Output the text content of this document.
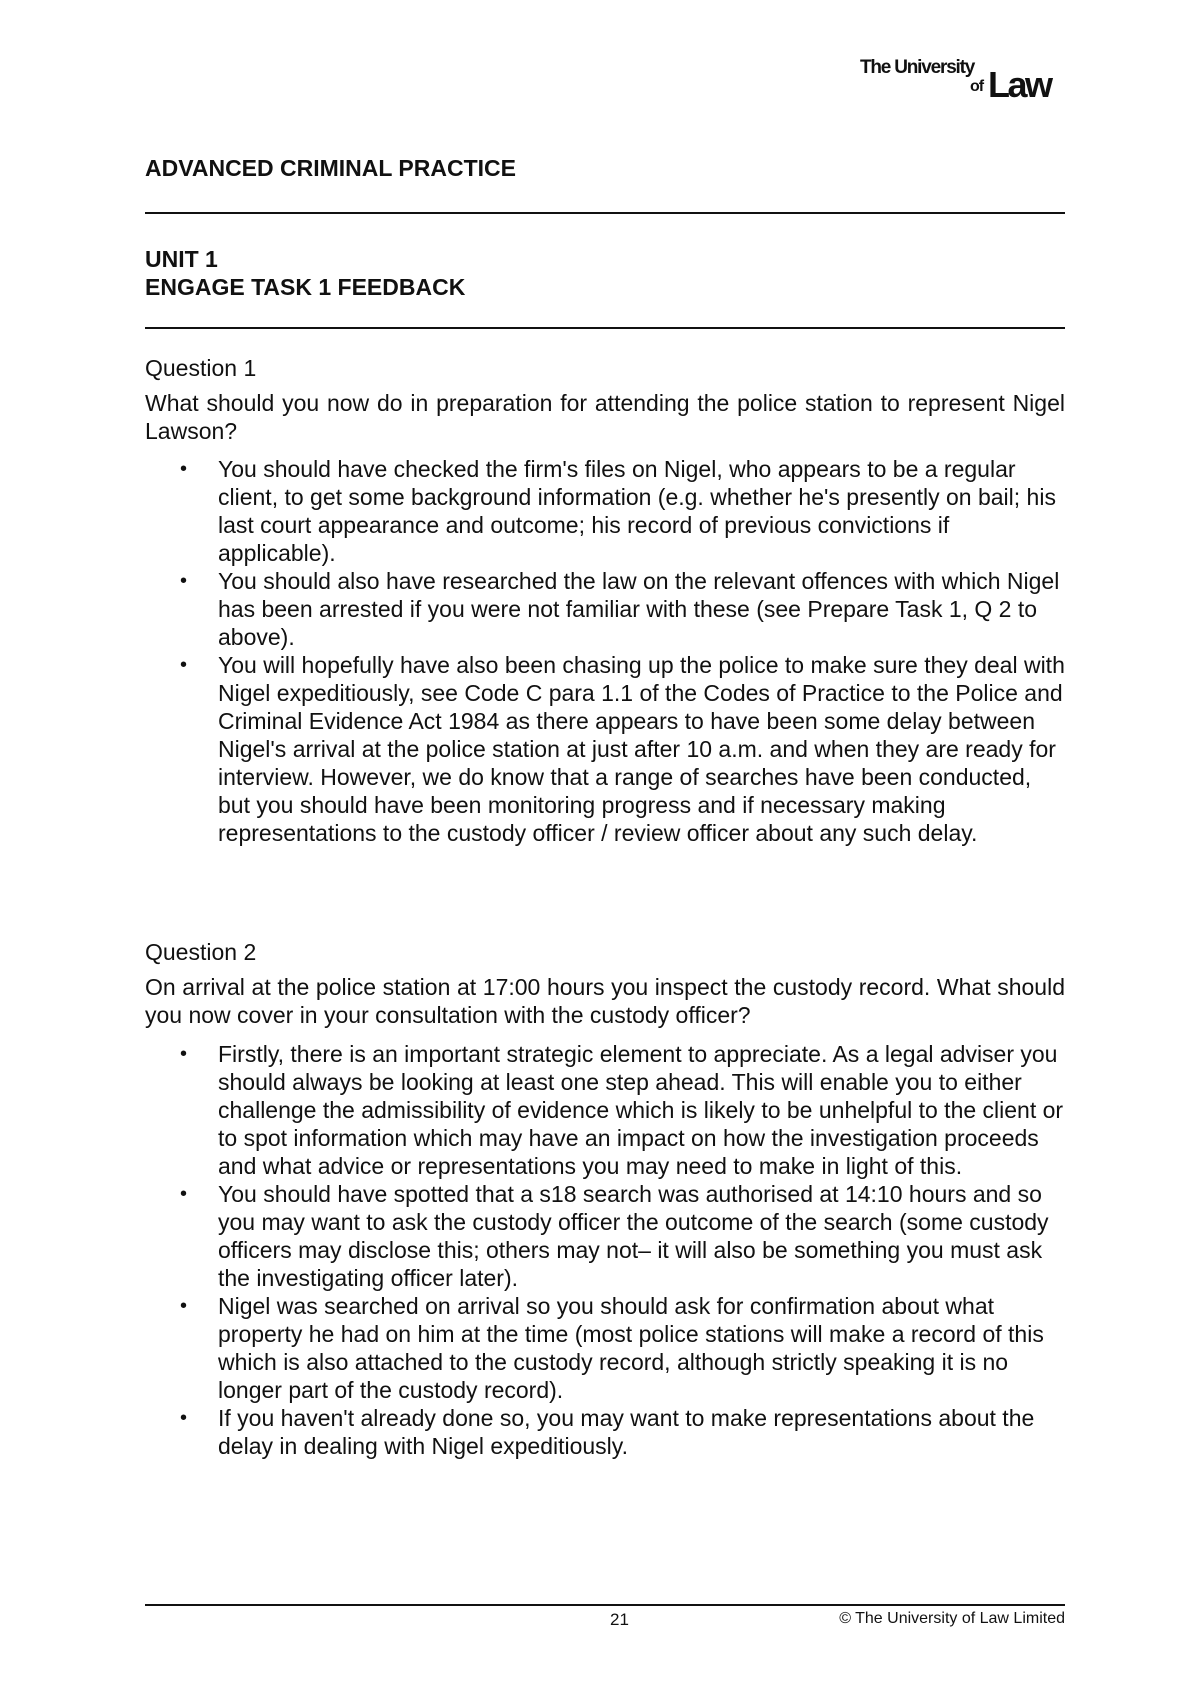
The University
of Law
ADVANCED CRIMINAL PRACTICE
UNIT 1
ENGAGE TASK 1 FEEDBACK
Question 1
What should you now do in preparation for attending the police station to represent Nigel Lawson?
• You should have checked the firm's files on Nigel, who appears to be a regular client, to get some background information (e.g. whether he's presently on bail; his last court appearance and outcome; his record of previous convictions if applicable).
• You should also have researched the law on the relevant offences with which Nigel has been arrested if you were not familiar with these (see Prepare Task 1, Q 2 to above).
• You will hopefully have also been chasing up the police to make sure they deal with Nigel expeditiously, see Code C para 1.1 of the Codes of Practice to the Police and Criminal Evidence Act 1984 as there appears to have been some delay between Nigel's arrival at the police station at just after 10 a.m. and when they are ready for interview. However, we do know that a range of searches have been conducted, but you should have been monitoring progress and if necessary making representations to the custody officer / review officer about any such delay.
Question 2
On arrival at the police station at 17:00 hours you inspect the custody record. What should you now cover in your consultation with the custody officer?
• Firstly, there is an important strategic element to appreciate. As a legal adviser you should always be looking at least one step ahead. This will enable you to either challenge the admissibility of evidence which is likely to be unhelpful to the client or to spot information which may have an impact on how the investigation proceeds and what advice or representations you may need to make in light of this.
• You should have spotted that a s18 search was authorised at 14:10 hours and so you may want to ask the custody officer the outcome of the search (some custody officers may disclose this; others may not– it will also be something you must ask the investigating officer later).
• Nigel was searched on arrival so you should ask for confirmation about what property he had on him at the time (most police stations will make a record of this which is also attached to the custody record, although strictly speaking it is no longer part of the custody record).
• If you haven't already done so, you may want to make representations about the delay in dealing with Nigel expeditiously.
21	© The University of Law Limited
